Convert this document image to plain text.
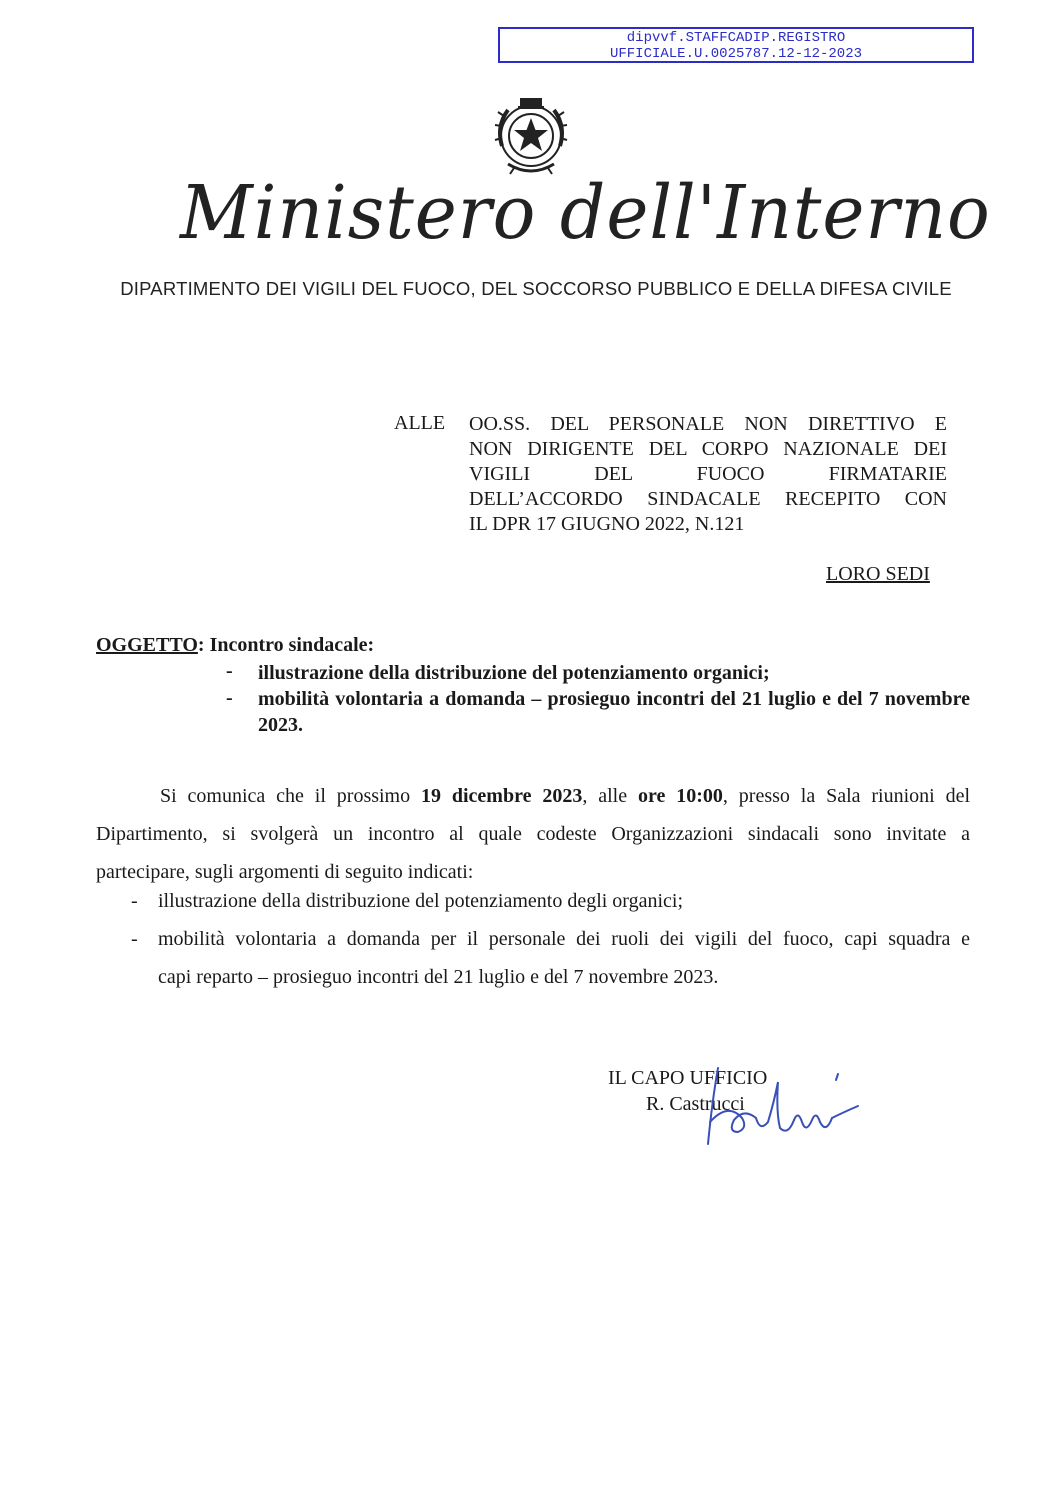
dipvvf.STAFFCADIP.REGISTRO
UFFICIALE.U.0025787.12-12-2023
Ministero dell'Interno
DIPARTIMENTO DEI VIGILI DEL FUOCO, DEL SOCCORSO PUBBLICO E DELLA DIFESA CIVILE
ALLE OO.SS. DEL PERSONALE NON DIRETTIVO E
NON DIRIGENTE DEL CORPO NAZIONALE DEI
VIGILI DEL FUOCO FIRMATARIE
DELL’ACCORDO SINDACALE RECEPITO CON
IL DPR 17 GIUGNO 2022, N.121
LORO SEDI
OGGETTO: Incontro sindacale:
- illustrazione della distribuzione del potenziamento organici;
- mobilità volontaria a domanda – prosieguo incontri del 21 luglio e del 7 novembre 2023.
Si comunica che il prossimo 19 dicembre 2023, alle ore 10:00, presso la Sala riunioni del
Dipartimento, si svolgerà un incontro al quale codeste Organizzazioni sindacali sono invitate a
partecipare, sugli argomenti di seguito indicati:
- illustrazione della distribuzione del potenziamento degli organici;
- mobilità volontaria a domanda per il personale dei ruoli dei vigili del fuoco, capi squadra e
capi reparto – prosieguo incontri del 21 luglio e del 7 novembre 2023.
IL CAPO UFFICIO
R. Castrucci
